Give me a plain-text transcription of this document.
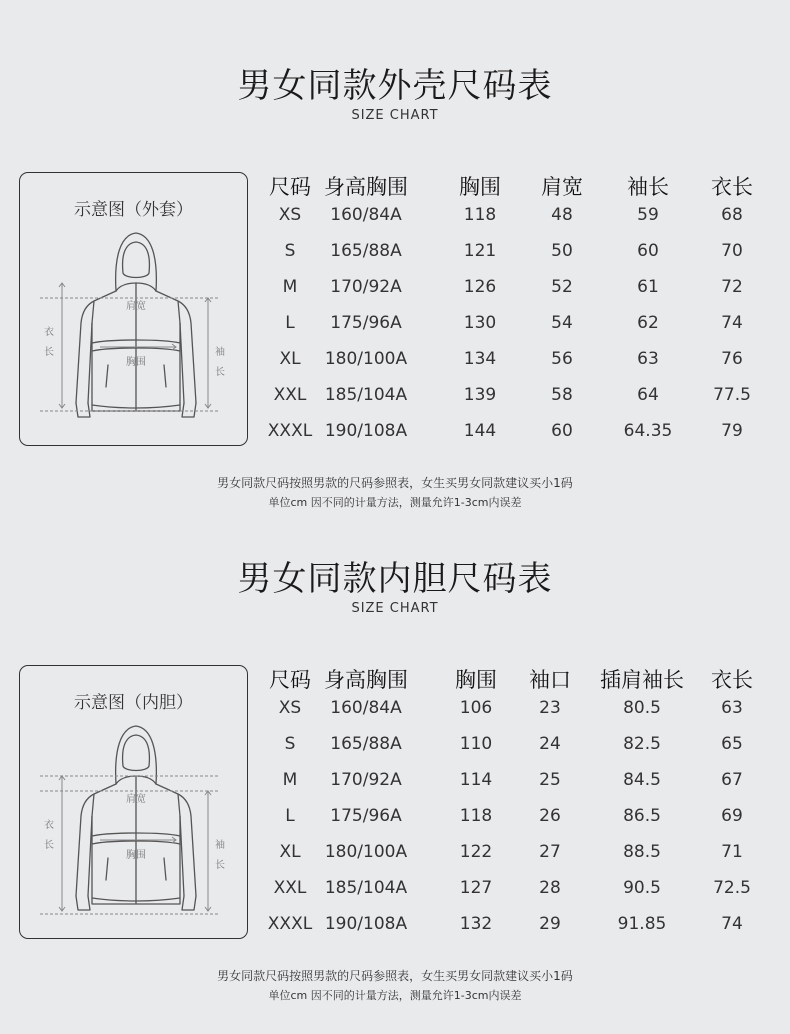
男女同款外壳尺码表
SIZE CHART
示意图（外套）
肩宽
胸围
衣
长	袖
长
尺码 身高胸围	胸围	肩宽	袖长	衣长
XS	160/84A	118	48	59	68
S	165/88A	121	50	60	70
M	170/92A	126	52	61	72
L	175/96A	130	54	62	74
XL	180/100A	134	56	63	76
XXL	185/104A	139	58	64	77.5
XXXL 190/108A	144	60	64.35	79
男女同款尺码按照男款的尺码参照表，女生买男女同款建议买小1码
单位cm 因不同的计量方法，测量允许1-3cm内误差
男女同款内胆尺码表
SIZE CHART
示意图（内胆）
肩宽
胸围
衣
长	袖
长
尺码 身高胸围	胸围	袖口	插肩袖长	衣长
XS	160/84A	106	23	80.5	63
S	165/88A	110	24	82.5	65
M	170/92A	114	25	84.5	67
L	175/96A	118	26	86.5	69
XL	180/100A	122	27	88.5	71
XXL	185/104A	127	28	90.5	72.5
XXXL 190/108A	132	29	91.85	74
男女同款尺码按照男款的尺码参照表，女生买男女同款建议买小1码
单位cm 因不同的计量方法，测量允许1-3cm内误差
